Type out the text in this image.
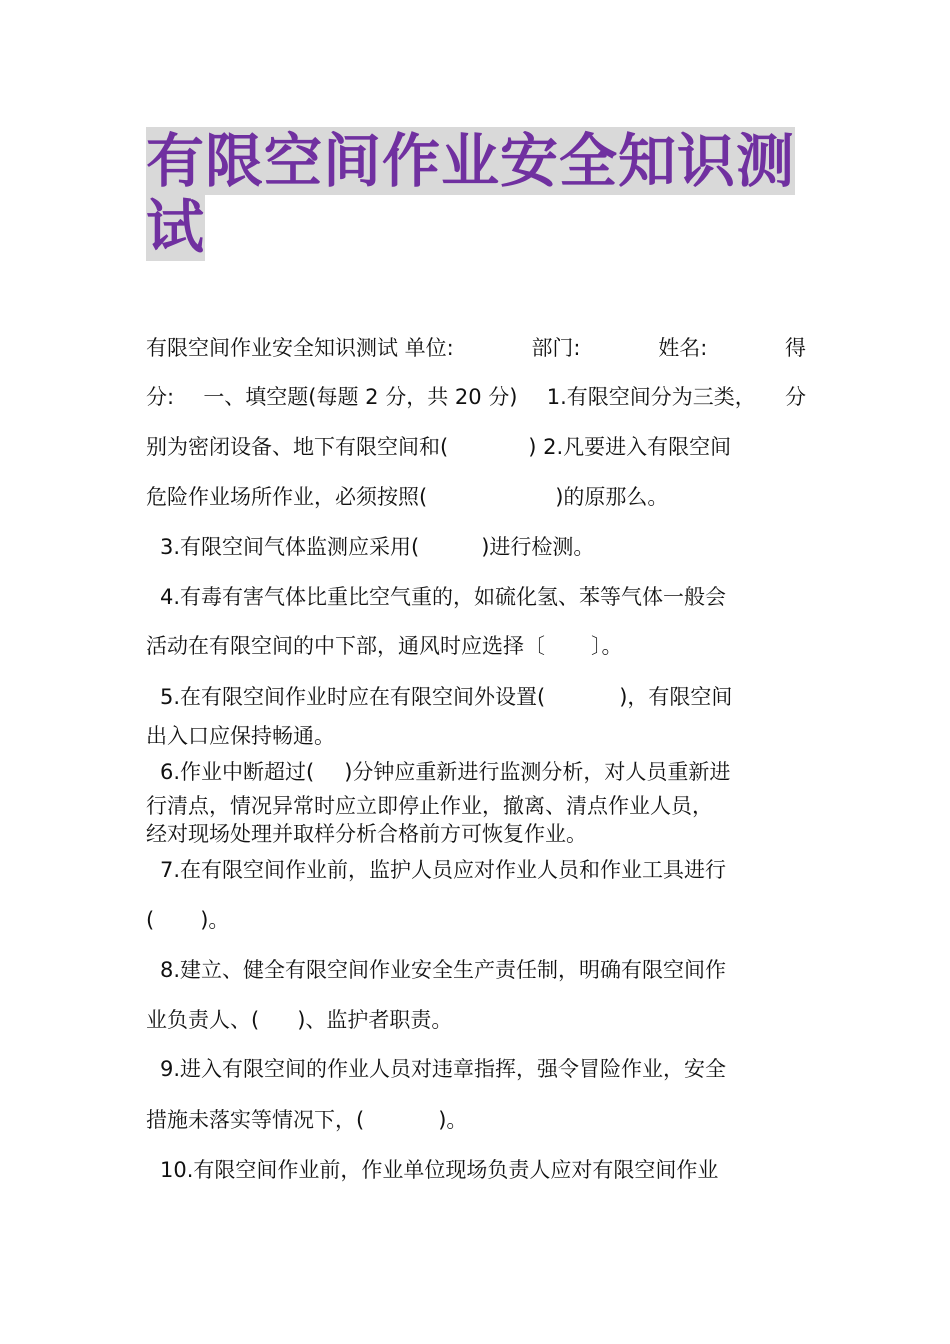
有限空间作业安全知识测试
有限空间作业安全知识测试 单位:	部门:	姓名:	得
分: 一、填空题(每题 2 分，共 20 分) 1.有限空间分为三类， 分
别为密闭设备、地下有限空间和(	) 2.凡要进入有限空间
危险作业场所作业，必须按照(	)的原那么。
3.有限空间气体监测应采用(	)进行检测。
4.有毒有害气体比重比空气重的，如硫化氢、苯等气体一般会
活动在有限空间的中下部，通风时应选择〔 〕。
5.在有限空间作业时应在有限空间外设置(	)，有限空间
出入口应保持畅通。
6.作业中断超过( )分钟应重新进行监测分析，对人员重新进
行清点，情况异常时应立即停止作业，撤离、清点作业人员，
经对现场处理并取样分析合格前方可恢复作业。
7.在有限空间作业前，监护人员应对作业人员和作业工具进行
( )。
8.建立、健全有限空间作业安全生产责任制，明确有限空间作
业负责人、( )、监护者职责。
9.进入有限空间的作业人员对违章指挥，强令冒险作业，安全
措施未落实等情况下，(	)。
10.有限空间作业前，作业单位现场负责人应对有限空间作业
